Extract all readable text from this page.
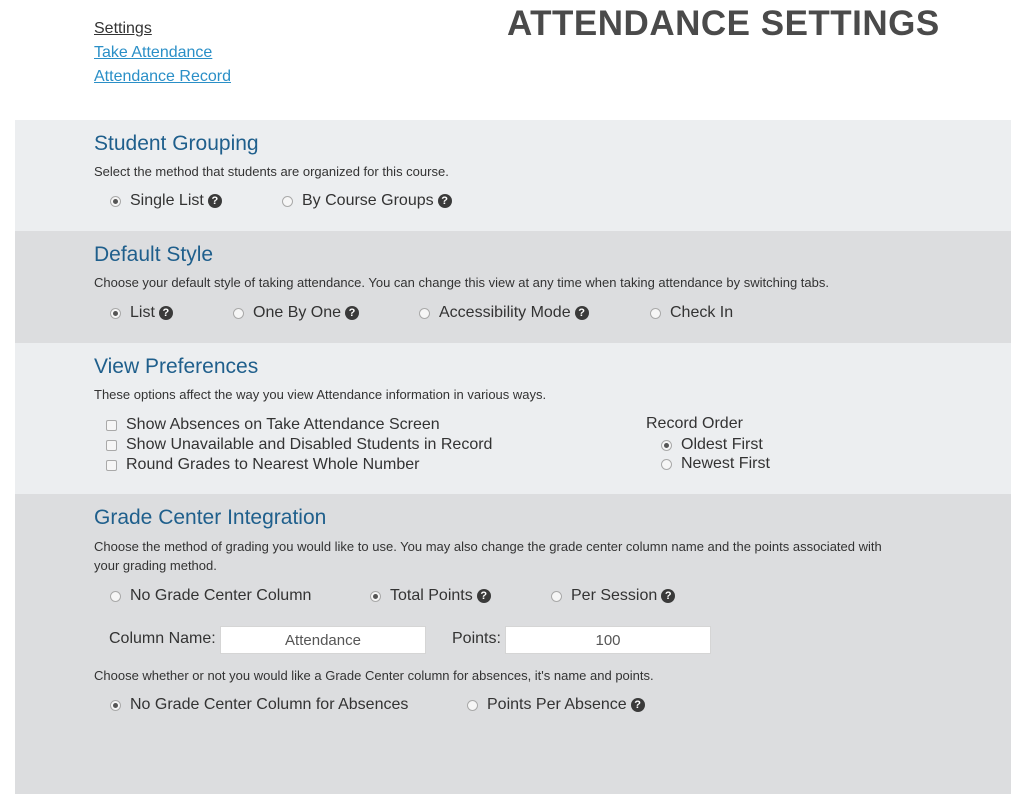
Settings
Take Attendance
Attendance Record
ATTENDANCE SETTINGS
Student Grouping
Select the method that students are organized for this course.
Single List ?	By Course Groups ?
Default Style
Choose your default style of taking attendance. You can change this view at any time when taking attendance by switching tabs.
List ?	One By One ?	Accessibility Mode ?	Check In
View Preferences
These options affect the way you view Attendance information in various ways.
Show Absences on Take Attendance Screen
Show Unavailable and Disabled Students in Record
Round Grades to Nearest Whole Number
Record Order
Oldest First
Newest First
Grade Center Integration
Choose the method of grading you would like to use. You may also change the grade center column name and the points associated with your grading method.
No Grade Center Column	Total Points ?	Per Session ?
Column Name:
Attendance	Points:
100
Choose whether or not you would like a Grade Center column for absences, it's name and points.
No Grade Center Column for Absences	Points Per Absence ?
